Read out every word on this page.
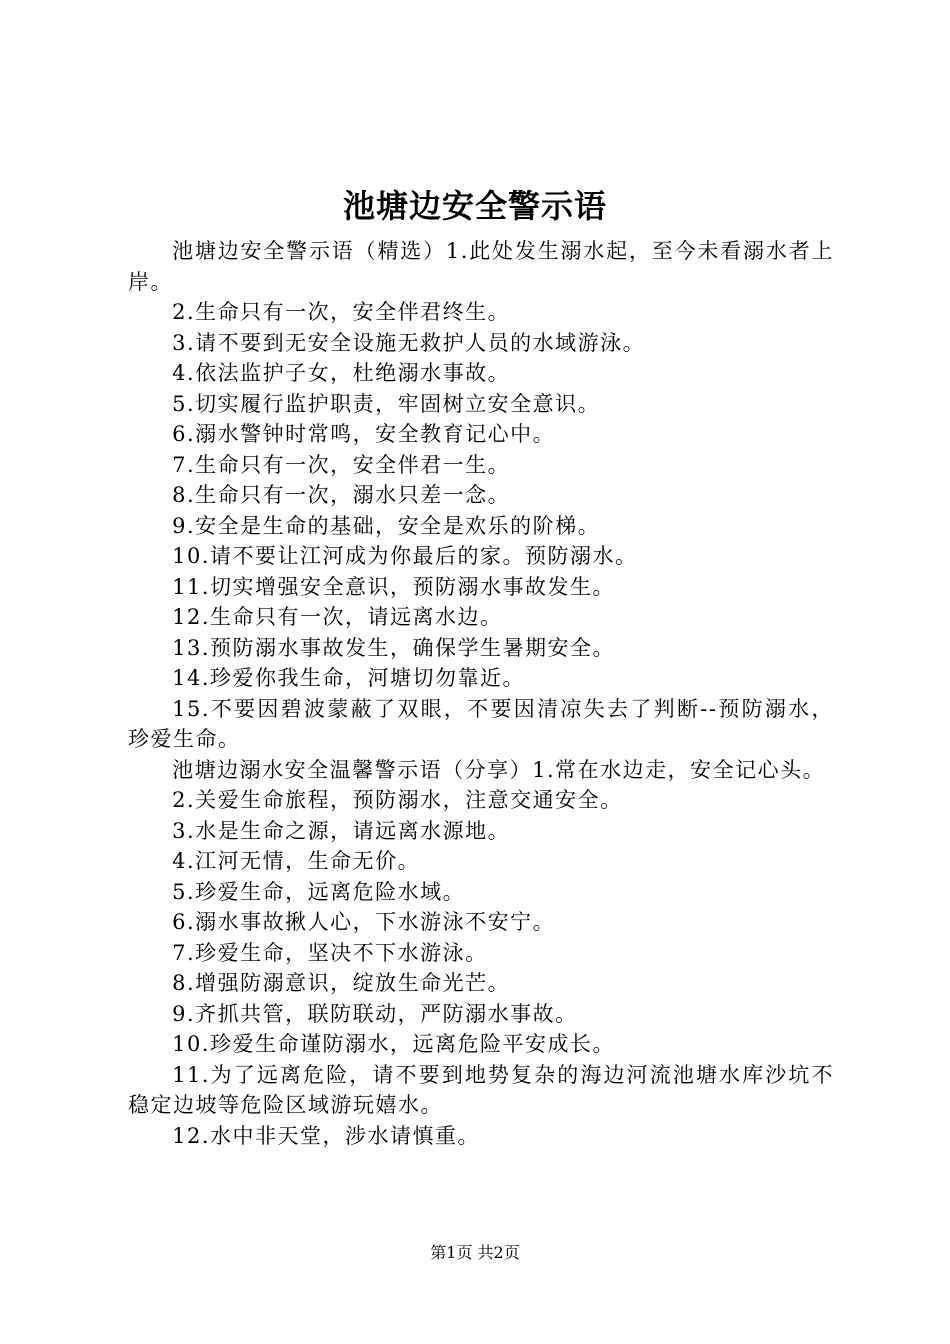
池塘边安全警示语

池塘边安全警示语（精选）1.此处发生溺水起，至今未看溺水者上岸。

2.生命只有一次，安全伴君终生。

3.请不要到无安全设施无救护人员的水域游泳。

4.依法监护子女，杜绝溺水事故。

5.切实履行监护职责，牢固树立安全意识。

6.溺水警钟时常鸣，安全教育记心中。

7.生命只有一次，安全伴君一生。

8.生命只有一次，溺水只差一念。

9.安全是生命的基础，安全是欢乐的阶梯。

10.请不要让江河成为你最后的家。预防溺水。

11.切实增强安全意识，预防溺水事故发生。

12.生命只有一次，请远离水边。

13.预防溺水事故发生，确保学生暑期安全。

14.珍爱你我生命，河塘切勿靠近。

15.不要因碧波蒙蔽了双眼，不要因清凉失去了判断--预防溺水，珍爱生命。

池塘边溺水安全温馨警示语（分享）1.常在水边走，安全记心头。

2.关爱生命旅程，预防溺水，注意交通安全。

3.水是生命之源，请远离水源地。

4.江河无情，生命无价。

5.珍爱生命，远离危险水域。

6.溺水事故揪人心，下水游泳不安宁。

7.珍爱生命，坚决不下水游泳。

8.增强防溺意识，绽放生命光芒。

9.齐抓共管，联防联动，严防溺水事故。

10.珍爱生命谨防溺水，远离危险平安成长。

11.为了远离危险，请不要到地势复杂的海边河流池塘水库沙坑不稳定边坡等危险区域游玩嬉水。

12.水中非天堂，涉水请慎重。

第1页 共2页
